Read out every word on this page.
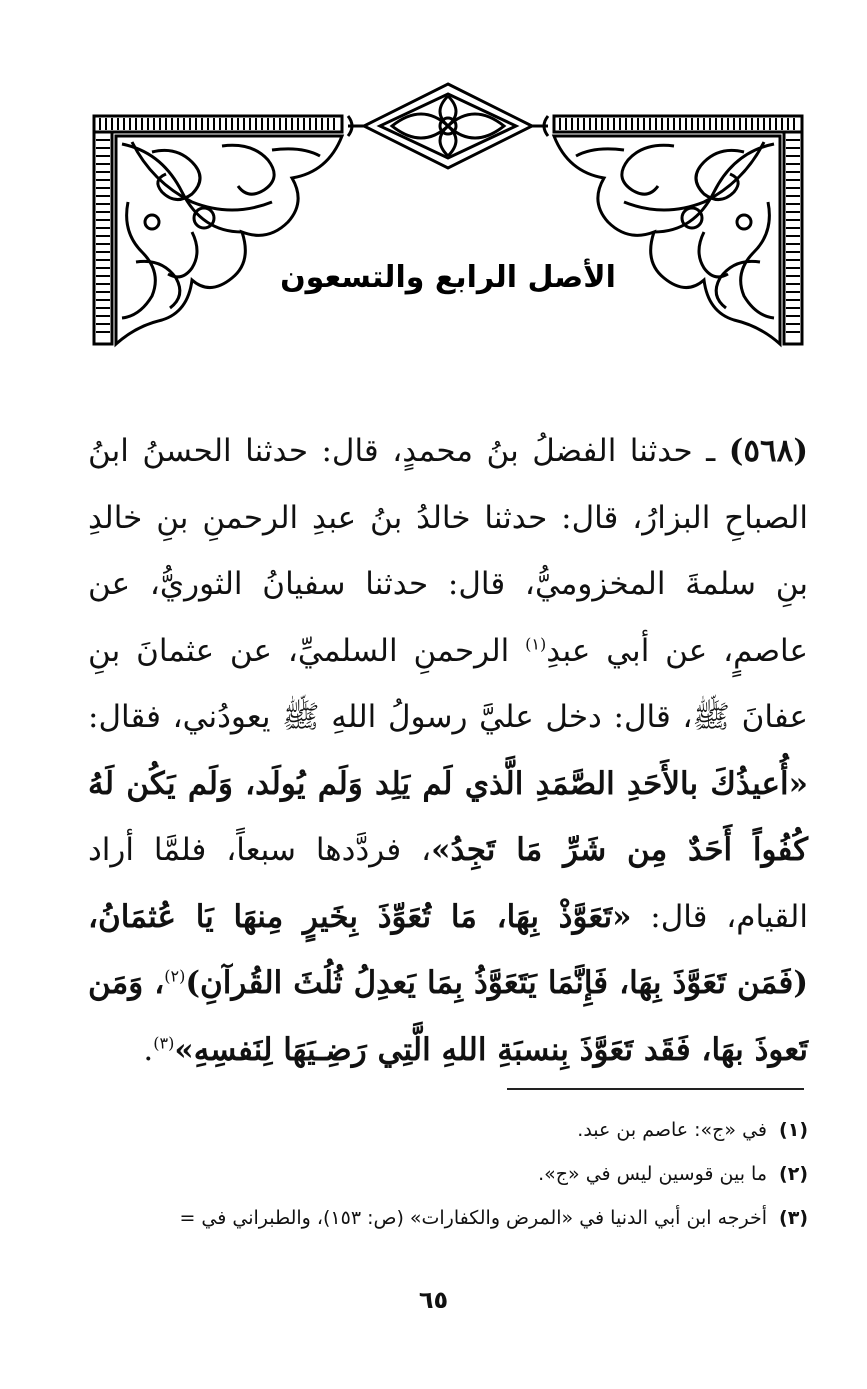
الأصل الرابع والتسعون

(٥٦٨) ـ حدثنا الفضلُ بنُ محمدٍ، قال: حدثنا الحسنُ ابنُ الصباحِ البزارُ، قال: حدثنا خالدُ بنُ عبدِ الرحمنِ بنِ خالدِ بنِ سلمةَ المخزوميُّ، قال: حدثنا سفيانُ الثوريُّ، عن عاصمٍ، عن أبي عبدِ$^{(١)}$ الرحمنِ السلميِّ، عن عثمانَ بنِ عفانَ ﷺ، قال: دخل عليَّ رسولُ اللهِ ﷺ يعودُني، فقال: «أُعيذُكَ بالأَحَدِ الصَّمَدِ الَّذي لَم يَلِد وَلَم يُولَد، وَلَم يَكُن لَهُ كُفُواً أَحَدٌ مِن شَرِّ مَا تَجِدُ»، فردَّدها سبعاً، فلمَّا أراد القيام، قال: «تَعَوَّذْ بِهَا، مَا تُعَوِّذَ بِخَيرٍ مِنهَا يَا عُثمَانُ، (فَمَن تَعَوَّذَ بِهَا، فَإِنَّمَا يَتَعَوَّذُ بِمَا يَعدِلُ ثُلُثَ القُرآنِ)$^{(٢)}$، وَمَن تَعوذَ بهَا، فَقَد تَعَوَّذَ بِنسبَةِ اللهِ الَّتِي رَضِـيَهَا لِنَفسِهِ»$^{(٣)}$.

(١)في «ج»: عاصم بن عبد.
(٢)ما بين قوسين ليس في «ج».
(٣)أخرجه ابن أبي الدنيا في «المرض والكفارات» (ص: ١٥٣)، والطبراني في =
٦٥
